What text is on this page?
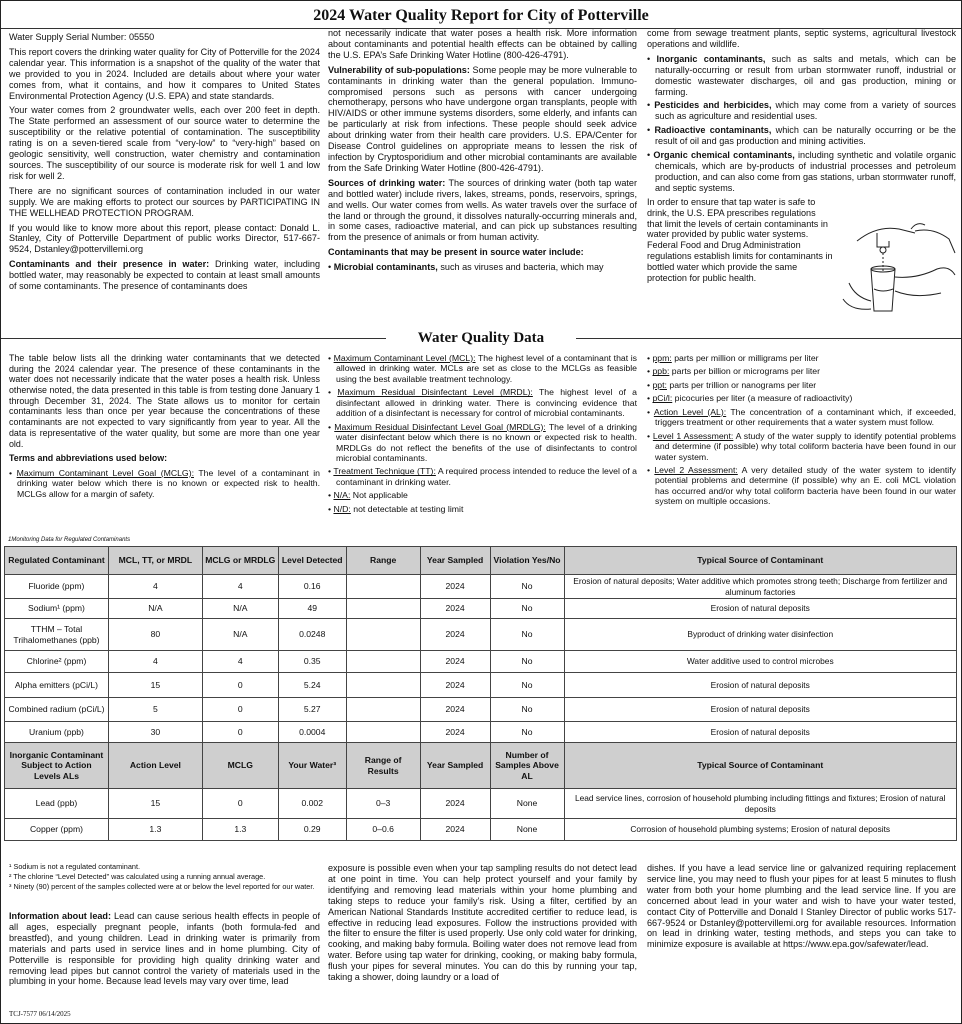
2024 Water Quality Report for City of Potterville

Water Supply Serial Number: 05550

This report covers the drinking water quality for City of Potterville for the 2024 calendar year. This information is a snapshot of the quality of the water that we provided to you in 2024. Included are details about where your water comes from, what it contains, and how it compares to United States Environmental Protection Agency (U.S. EPA) and state standards.

Your water comes from 2 groundwater wells, each over 200 feet in depth. The State performed an assessment of our source water to determine the susceptibility or the relative potential of contamination. The susceptibility rating is on a seven-tiered scale from “very-low” to “very-high” based on geologic sensitivity, well construction, water chemistry and contamination sources. The susceptibility of our source is moderate risk for well 1 and low risk for well 2.

There are no significant sources of contamination included in our water supply. We are making efforts to protect our sources by PARTICIPATING IN THE WELLHEAD PROTECTION PROGRAM.

If you would like to know more about this report, please contact: Donald L. Stanley, City of Potterville Department of public works Director, 517-667-9524, Dstanley@pottervillemi.org

Contaminants and their presence in water: Drinking water, including bottled water, may reasonably be expected to contain at least small amounts of some contaminants. The presence of contaminants does

not necessarily indicate that water poses a health risk. More information about contaminants and potential health effects can be obtained by calling the U.S. EPA’s Safe Drinking Water Hotline (800-426-4791).

Vulnerability of sub-populations: Some people may be more vulnerable to contaminants in drinking water than the general population. Immuno-compromised persons such as persons with cancer undergoing chemotherapy, persons who have undergone organ transplants, people with HIV/AIDS or other immune systems disorders, some elderly, and infants can be particularly at risk from infections. These people should seek advice about drinking water from their health care providers. U.S. EPA/Center for Disease Control guidelines on appropriate means to lessen the risk of infection by Cryptosporidium and other microbial contaminants are available from the Safe Drinking Water Hotline (800-426-4791).

Sources of drinking water: The sources of drinking water (both tap water and bottled water) include rivers, lakes, streams, ponds, reservoirs, springs, and wells. Our water comes from wells. As water travels over the surface of the land or through the ground, it dissolves naturally-occurring minerals and, in some cases, radioactive material, and can pick up substances resulting from the presence of animals or from human activity.

Contaminants that may be present in source water include:

• Microbial contaminants, such as viruses and bacteria, which may

come from sewage treatment plants, septic systems, agricultural livestock operations and wildlife.

• Inorganic contaminants, such as salts and metals, which can be naturally-occurring or result from urban stormwater runoff, industrial or domestic wastewater discharges, oil and gas production, mining or farming.
• Pesticides and herbicides, which may come from a variety of sources such as agriculture and residential uses.
• Radioactive contaminants, which can be naturally occurring or be the result of oil and gas production and mining activities.
• Organic chemical contaminants, including synthetic and volatile organic chemicals, which are by-products of industrial processes and petroleum production, and can also come from gas stations, urban stormwater runoff, and septic systems.

In order to ensure that tap water is safe to drink, the U.S. EPA prescribes regulations that limit the levels of certain contaminants in water provided by public water systems. Federal Food and Drug Administration regulations establish limits for contaminants in bottled water which provide the same protection for public health.

Water Quality Data

The table below lists all the drinking water contaminants that we detected during the 2024 calendar year. The presence of these contaminants in the water does not necessarily indicate that the water poses a health risk. Unless otherwise noted, the data presented in this table is from testing done January 1 through December 31, 2024. The State allows us to monitor for certain contaminants less than once per year because the concentrations of these contaminants are not expected to vary significantly from year to year. All the data is representative of the water quality, but some are more than one year old.

Terms and abbreviations used below:

• Maximum Contaminant Level Goal (MCLG): The level of a contaminant in drinking water below which there is no known or expected risk to health. MCLGs allow for a margin of safety.
• Maximum Contaminant Level (MCL): The highest level of a contaminant that is allowed in drinking water. MCLs are set as close to the MCLGs as feasible using the best available treatment technology.
• Maximum Residual Disinfectant Level (MRDL): The highest level of a disinfectant allowed in drinking water. There is convincing evidence that addition of a disinfectant is necessary for control of microbial contaminants.
• Maximum Residual Disinfectant Level Goal (MRDLG): The level of a drinking water disinfectant below which there is no known or expected risk to health. MRDLGs do not reflect the benefits of the use of disinfectants to control microbial contaminants.
• Treatment Technique (TT): A required process intended to reduce the level of a contaminant in drinking water.
• N/A: Not applicable
• N/D: not detectable at testing limit
• ppm: parts per million or milligrams per liter
• ppb: parts per billion or micrograms per liter
• ppt: parts per trillion or nanograms per liter
• pCi/l: picocuries per liter (a measure of radioactivity)
• Action Level (AL): The concentration of a contaminant which, if exceeded, triggers treatment or other requirements that a water system must follow.
• Level 1 Assessment: A study of the water supply to identify potential problems and determine (if possible) why total coliform bacteria have been found in our water system.
• Level 2 Assessment: A very detailed study of the water system to identify potential problems and determine (if possible) why an E. coli MCL violation has occurred and/or why total coliform bacteria have been found in our water system on multiple occasions.
1Monitoring Data for Regulated Contaminants
Regulated Contaminant	MCL, TT, or MRDL	MCLG or MRDLG	Level Detected	Range	Year Sampled	Violation Yes/No	Typical Source of Contaminant
Fluoride (ppm)	4	4	0.16		2024	No	Erosion of natural deposits; Water additive which promotes strong teeth; Discharge from fertilizer and aluminum factories
Sodium¹ (ppm)	N/A	N/A	49		2024	No	Erosion of natural deposits
TTHM – Total Trihalomethanes (ppb)	80	N/A	0.0248		2024	No	Byproduct of drinking water disinfection
Chlorine² (ppm)	4	4	0.35		2024	No	Water additive used to control microbes
Alpha emitters (pCi/L)	15	0	5.24		2024	No	Erosion of natural deposits
Combined radium (pCi/L)	5	0	5.27		2024	No	Erosion of natural deposits
Uranium (ppb)	30	0	0.0004		2024	No	Erosion of natural deposits
Inorganic Contaminant Subject to Action Levels ALs	Action Level	MCLG	Your Water³	Range of Results	Year Sampled	Number of Samples Above AL	Typical Source of Contaminant
Lead (ppb)	15	0	0.002	0–3	2024	None	Lead service lines, corrosion of household plumbing including fittings and fixtures; Erosion of natural deposits
Copper (ppm)	1.3	1.3	0.29	0–0.6	2024	None	Corrosion of household plumbing systems; Erosion of natural deposits
¹ Sodium is not a regulated contaminant.
² The chlorine “Level Detected” was calculated using a running annual average.
³ Ninety (90) percent of the samples collected were at or below the level reported for our water.
Information about lead: Lead can cause serious health effects in people of all ages, especially pregnant people, infants (both formula-fed and breastfed), and young children. Lead in drinking water is primarily from materials and parts used in service lines and in home plumbing. City of Potterville is responsible for providing high quality drinking water and removing lead pipes but cannot control the variety of materials used in the plumbing in your home. Because lead levels may vary over time, lead
exposure is possible even when your tap sampling results do not detect lead at one point in time. You can help protect yourself and your family by identifying and removing lead materials within your home plumbing and taking steps to reduce your family’s risk. Using a filter, certified by an American National Standards Institute accredited certifier to reduce lead, is effective in reducing lead exposures. Follow the instructions provided with the filter to ensure the filter is used properly. Use only cold water for drinking, cooking, and making baby formula. Boiling water does not remove lead from water. Before using tap water for drinking, cooking, or making baby formula, flush your pipes for several minutes. You can do this by running your tap, taking a shower, doing laundry or a load of
dishes. If you have a lead service line or galvanized requiring replacement service line, you may need to flush your pipes for at least 5 minutes to flush water from both your home plumbing and the lead service line. If you are concerned about lead in your water and wish to have your water tested, contact City of Potterville and Donald I Stanley Director of public works 517-667-9524 or Dstanley@pottervillemi.org for available resources. Information on lead in drinking water, testing methods, and steps you can take to minimize exposure is available at https://www.epa.gov/safewater/lead.
TCJ-7577 06/14/2025
